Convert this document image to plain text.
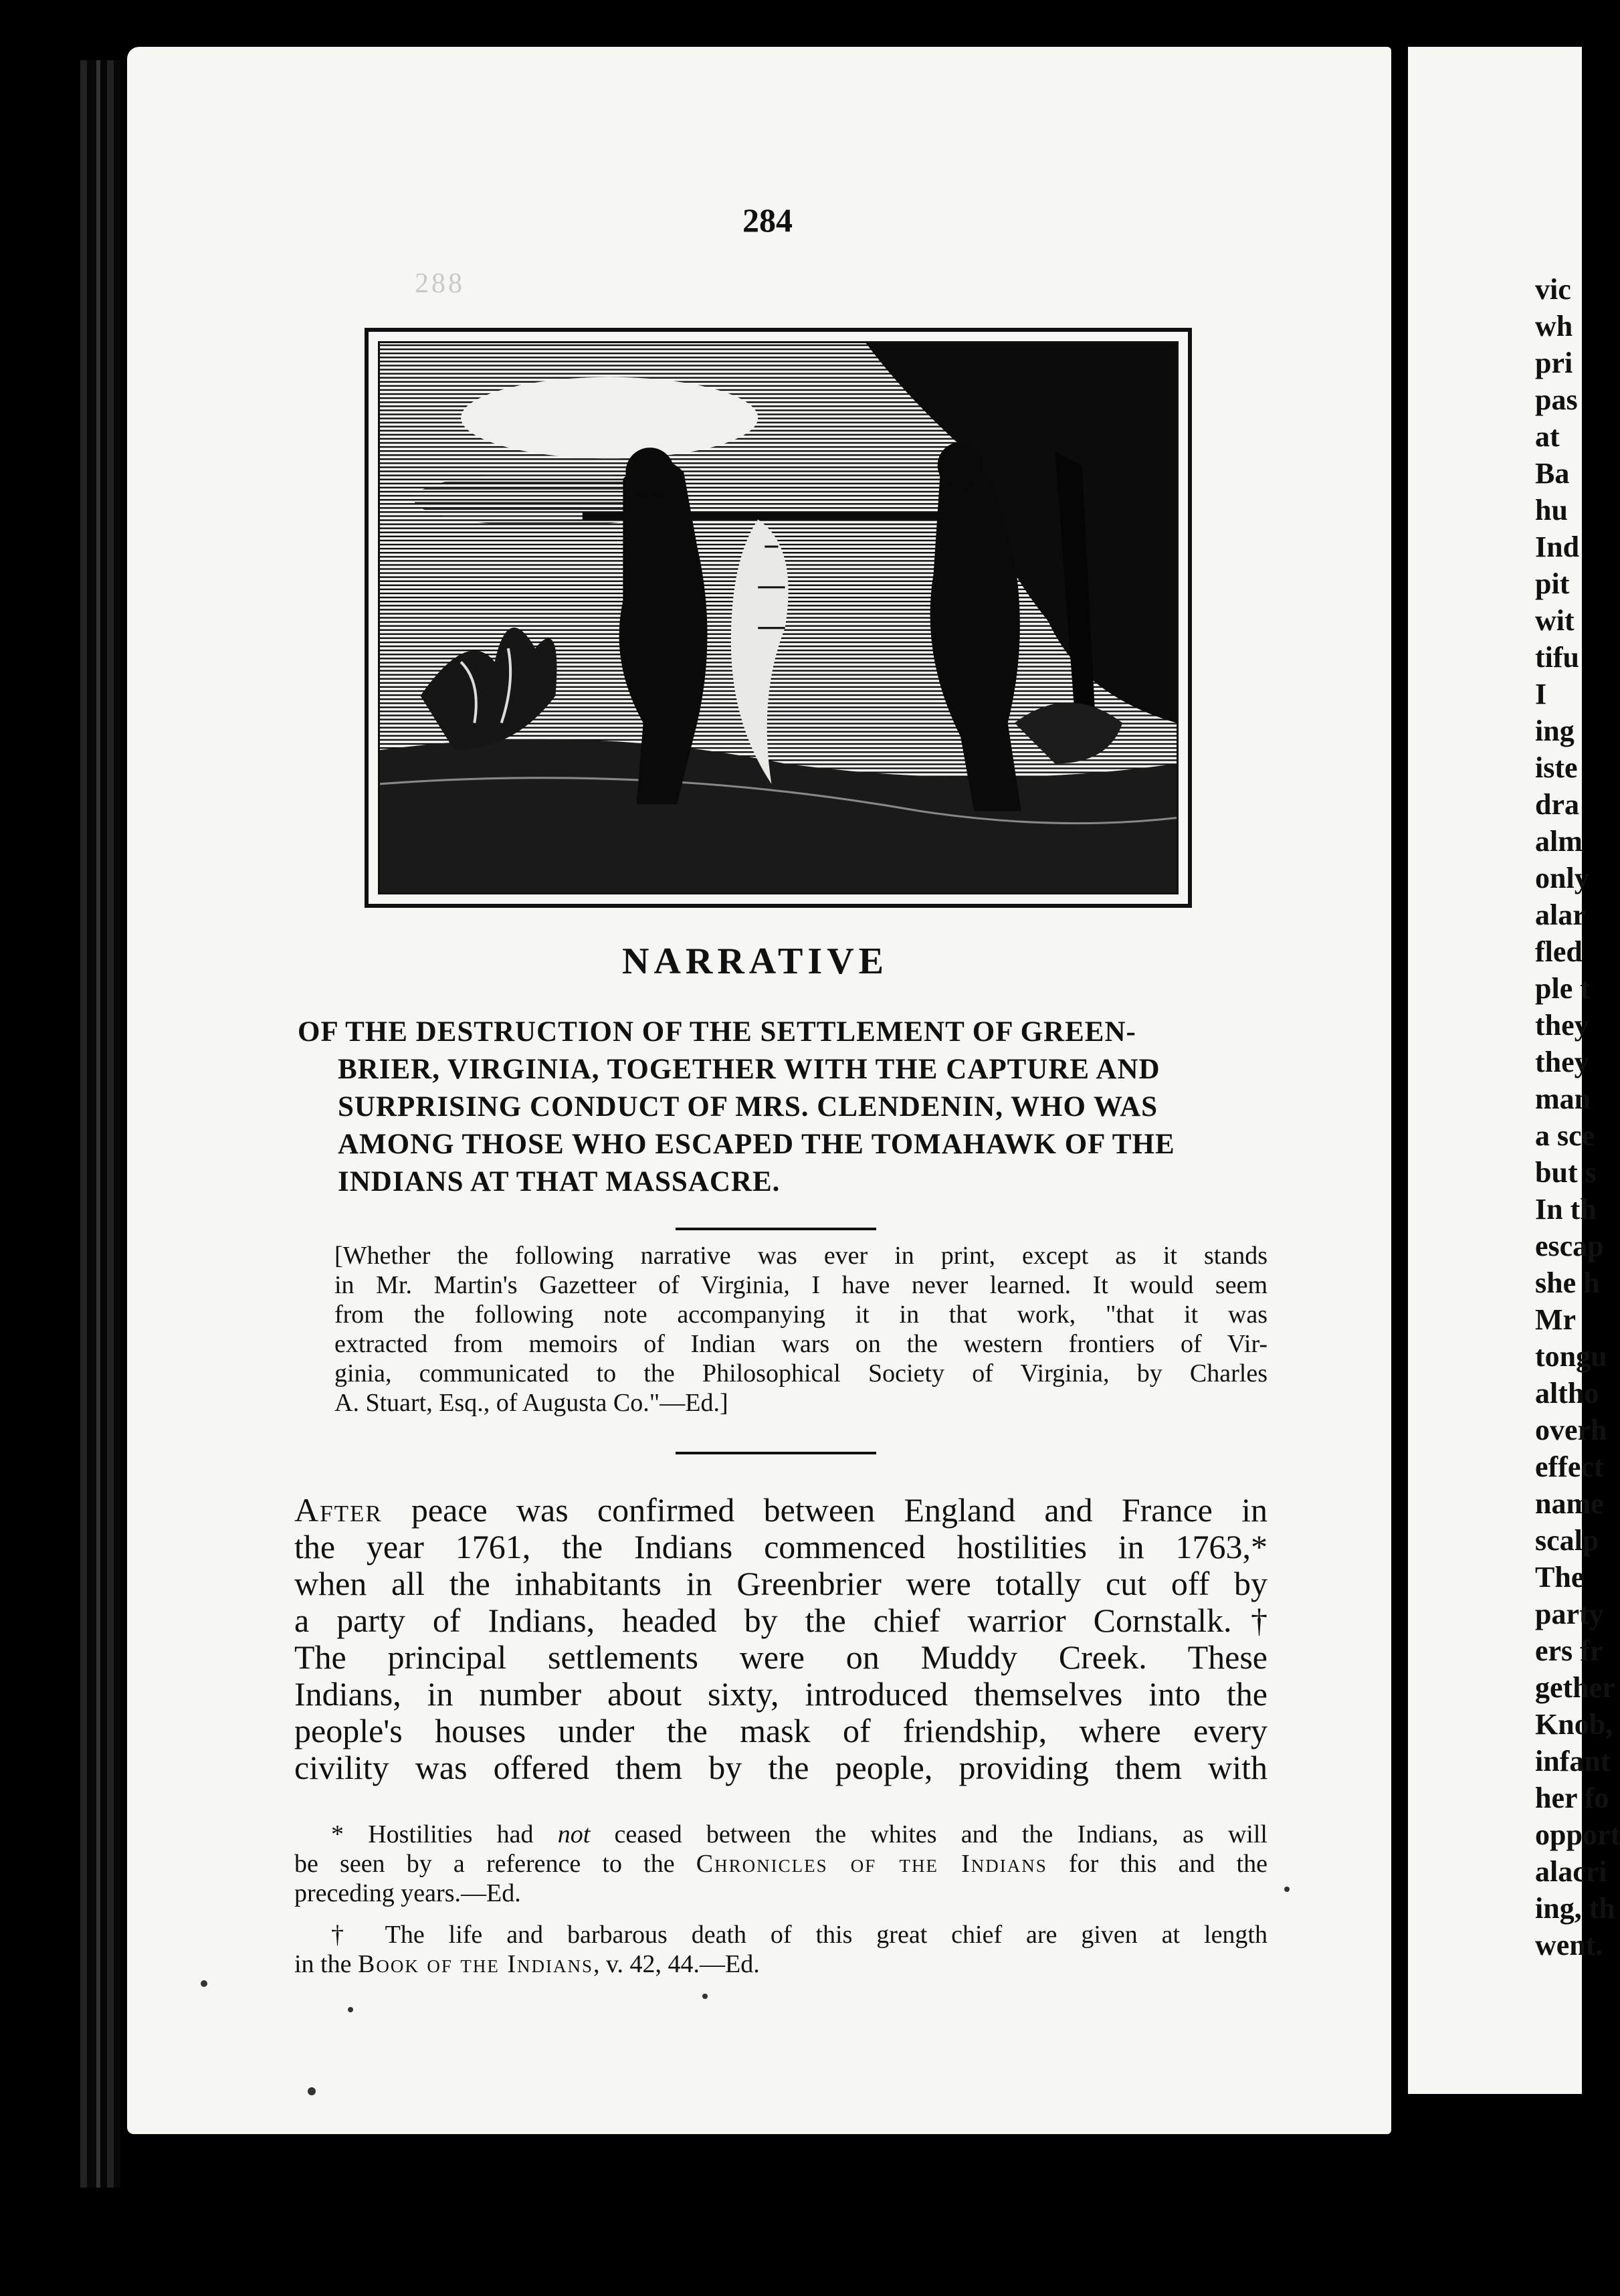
288	vic
wh
pri
pas
at
Ba
hu
Ind
pit
wit
tifu
I
ing
iste
dra
alm
only
alar
fled
ple t
they
they
man
a sce
but s
In th
escap
she h
Mr
tongu
altho
overh
effect
name
scalp
The
party
ers fr
gether
Knob,
infant
her fo
opport
alacri
ing, th
went.
284
NARRATIVE
OF THE DESTRUCTION OF THE SETTLEMENT OF GREEN-
BRIER, VIRGINIA, TOGETHER WITH THE CAPTURE AND
SURPRISING CONDUCT OF MRS. CLENDENIN, WHO WAS
AMONG THOSE WHO ESCAPED THE TOMAHAWK OF THE
INDIANS AT THAT MASSACRE.
[Whether the following narrative was ever in print, except as it stands
in Mr. Martin's Gazetteer of Virginia, I have never learned. It would seem
from the following note accompanying it in that work, "that it was
extracted from memoirs of Indian wars on the western frontiers of Vir-
ginia, communicated to the Philosophical Society of Virginia, by Charles
A. Stuart, Esq., of Augusta Co."—Ed.]
After peace was confirmed between England and France in
the year 1761, the Indians commenced hostilities in 1763,*
when all the inhabitants in Greenbrier were totally cut off by
a party of Indians, headed by the chief warrior Cornstalk.†
The principal settlements were on Muddy Creek. These
Indians, in number about sixty, introduced themselves into the
people's houses under the mask of friendship, where every
civility was offered them by the people, providing them with
* Hostilities had not ceased between the whites and the Indians, as will
be seen by a reference to the Chronicles of the Indians for this and the
preceding years.—Ed.
† The life and barbarous death of this great chief are given at length
in the Book of the Indians, v. 42, 44.—Ed.
